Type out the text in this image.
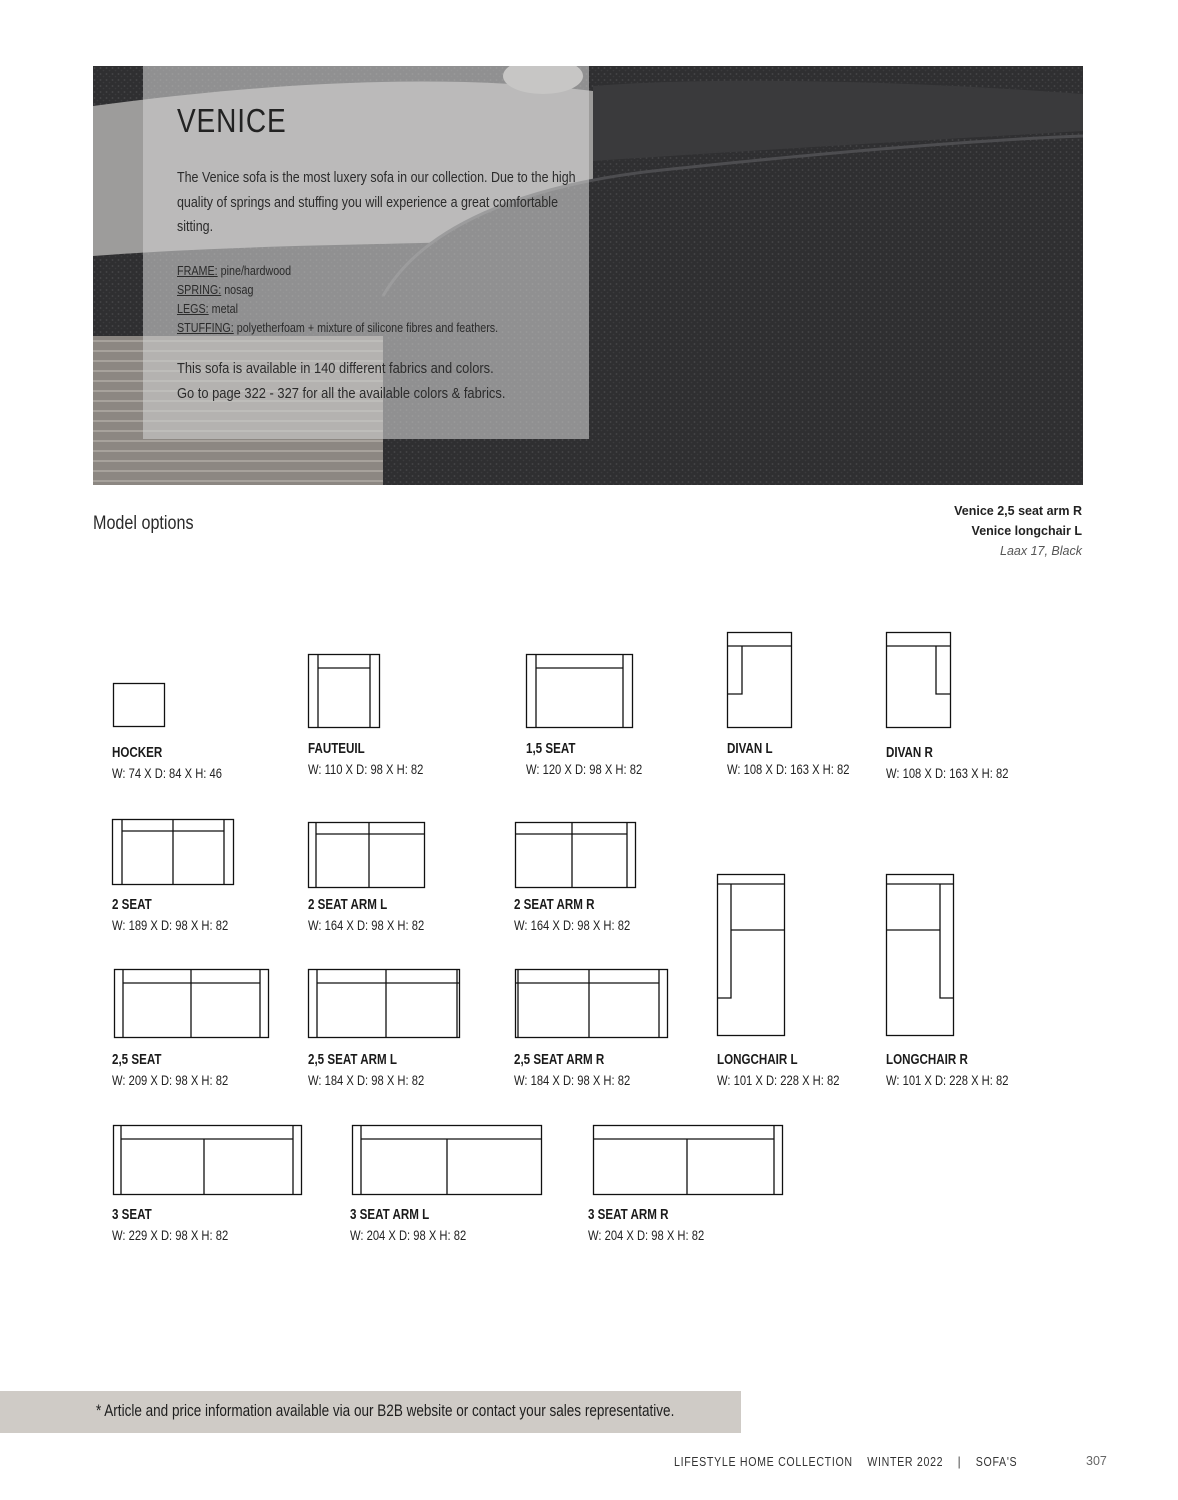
VENICE
The Venice sofa is the most luxery sofa in our collection. Due to the high quality of springs and stuffing you will experience a great comfortable sitting.
FRAME: pine/hardwood
SPRING: nosag
LEGS: metal
STUFFING: polyetherfoam + mixture of silicone fibres and feathers.
This sofa is available in 140 different fabrics and colors.
Go to page 322 - 327 for all the available colors & fabrics.
Model options
Venice 2,5 seat arm R
Venice longchair L
Laax 17, Black
HOCKER
W: 74 X D: 84 X H: 46
FAUTEUIL
W: 110 X D: 98 X H: 82
1,5 SEAT
W: 120 X D: 98 X H: 82
DIVAN L
W: 108 X D: 163 X H: 82
DIVAN R
W: 108 X D: 163 X H: 82
2 SEAT
W: 189 X D: 98 X H: 82
2 SEAT ARM L
W: 164 X D: 98 X H: 82
2 SEAT ARM R
W: 164 X D: 98 X H: 82
2,5 SEAT
W: 209 X D: 98 X H: 82
2,5 SEAT ARM L
W: 184 X D: 98 X H: 82
2,5 SEAT ARM R
W: 184 X D: 98 X H: 82
LONGCHAIR L
W: 101 X D: 228 X H: 82
LONGCHAIR R
W: 101 X D: 228 X H: 82
3 SEAT
W: 229 X D: 98 X H: 82
3 SEAT ARM L
W: 204 X D: 98 X H: 82
3 SEAT ARM R
W: 204 X D: 98 X H: 82
* Article and price information available via our B2B website or contact your sales representative.
LIFESTYLE HOME COLLECTION    WINTER 2022    |    SOFA'S	307
